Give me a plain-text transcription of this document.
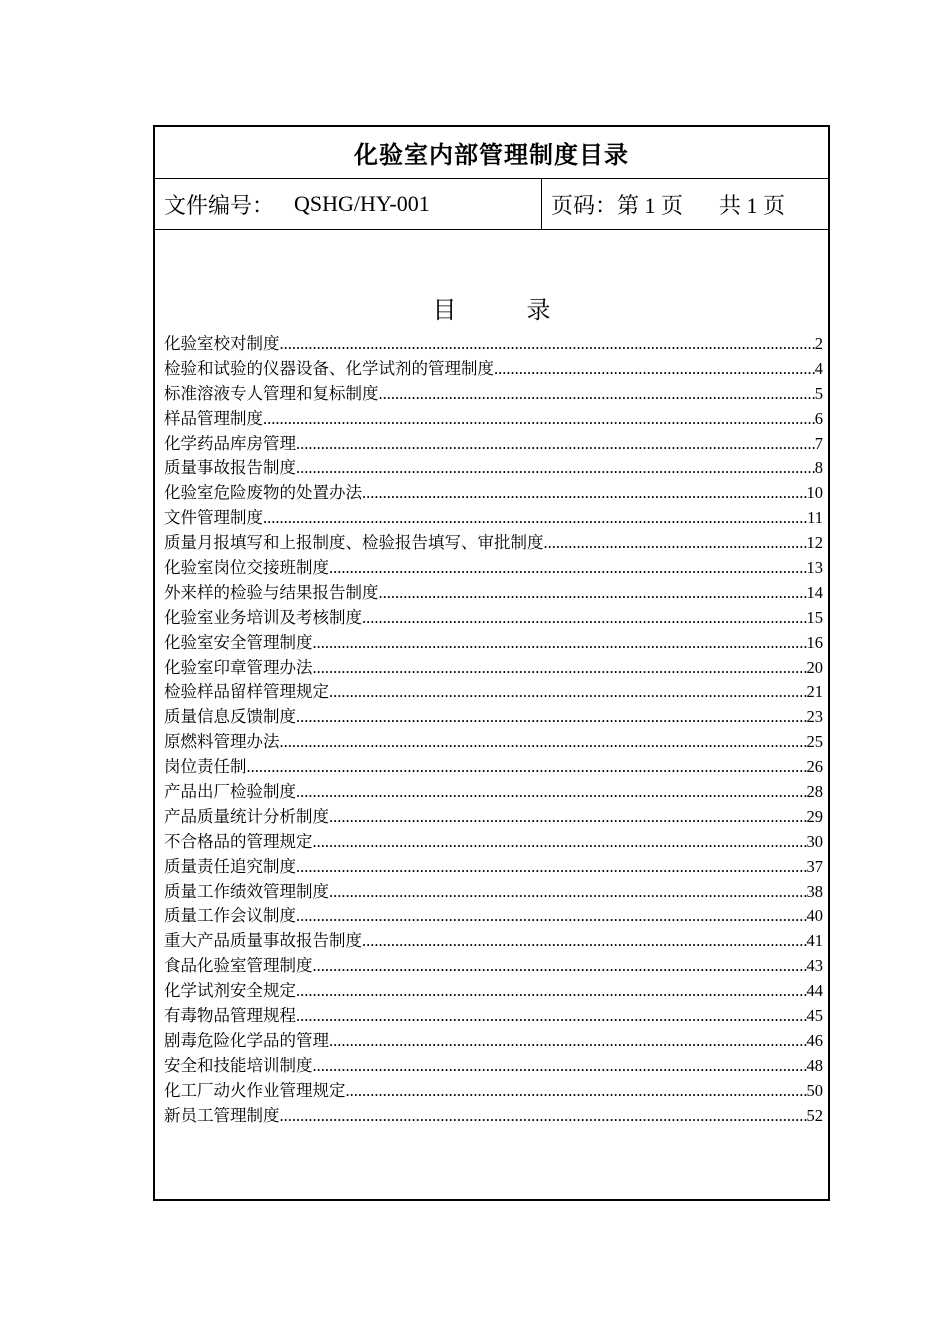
化验室内部管理制度目录
文件编号： QSHG/HY-001	页码：第 1 页 共 1 页
目	录
化验室校对制度 .....	2
检验和试验的仪器设备、化学试剂的管理制度 .....	4
标准溶液专人管理和复标制度 .....	5
样品管理制度 .....	6
化学药品库房管理 .....	7
质量事故报告制度 .....	8
化验室危险废物的处置办法 .....	10
文件管理制度 .....	11
质量月报填写和上报制度、检验报告填写、审批制度 .....	12
化验室岗位交接班制度 .....	13
外来样的检验与结果报告制度 .....	14
化验室业务培训及考核制度 .....	15
化验室安全管理制度 .....	16
化验室印章管理办法 .....	20
检验样品留样管理规定 .....	21
质量信息反馈制度 .....	23
原燃料管理办法 .....	25
岗位责任制 .....	26
产品出厂检验制度 .....	28
产品质量统计分析制度 .....	29
不合格品的管理规定 .....	30
质量责任追究制度 .....	37
质量工作绩效管理制度 .....	38
质量工作会议制度 .....	40
重大产品质量事故报告制度 .....	41
食品化验室管理制度 .....	43
化学试剂安全规定 .....	44
有毒物品管理规程 .....	45
剧毒危险化学品的管理 .....	46
安全和技能培训制度 .....	48
化工厂动火作业管理规定 .....	50
新员工管理制度 .....	52
